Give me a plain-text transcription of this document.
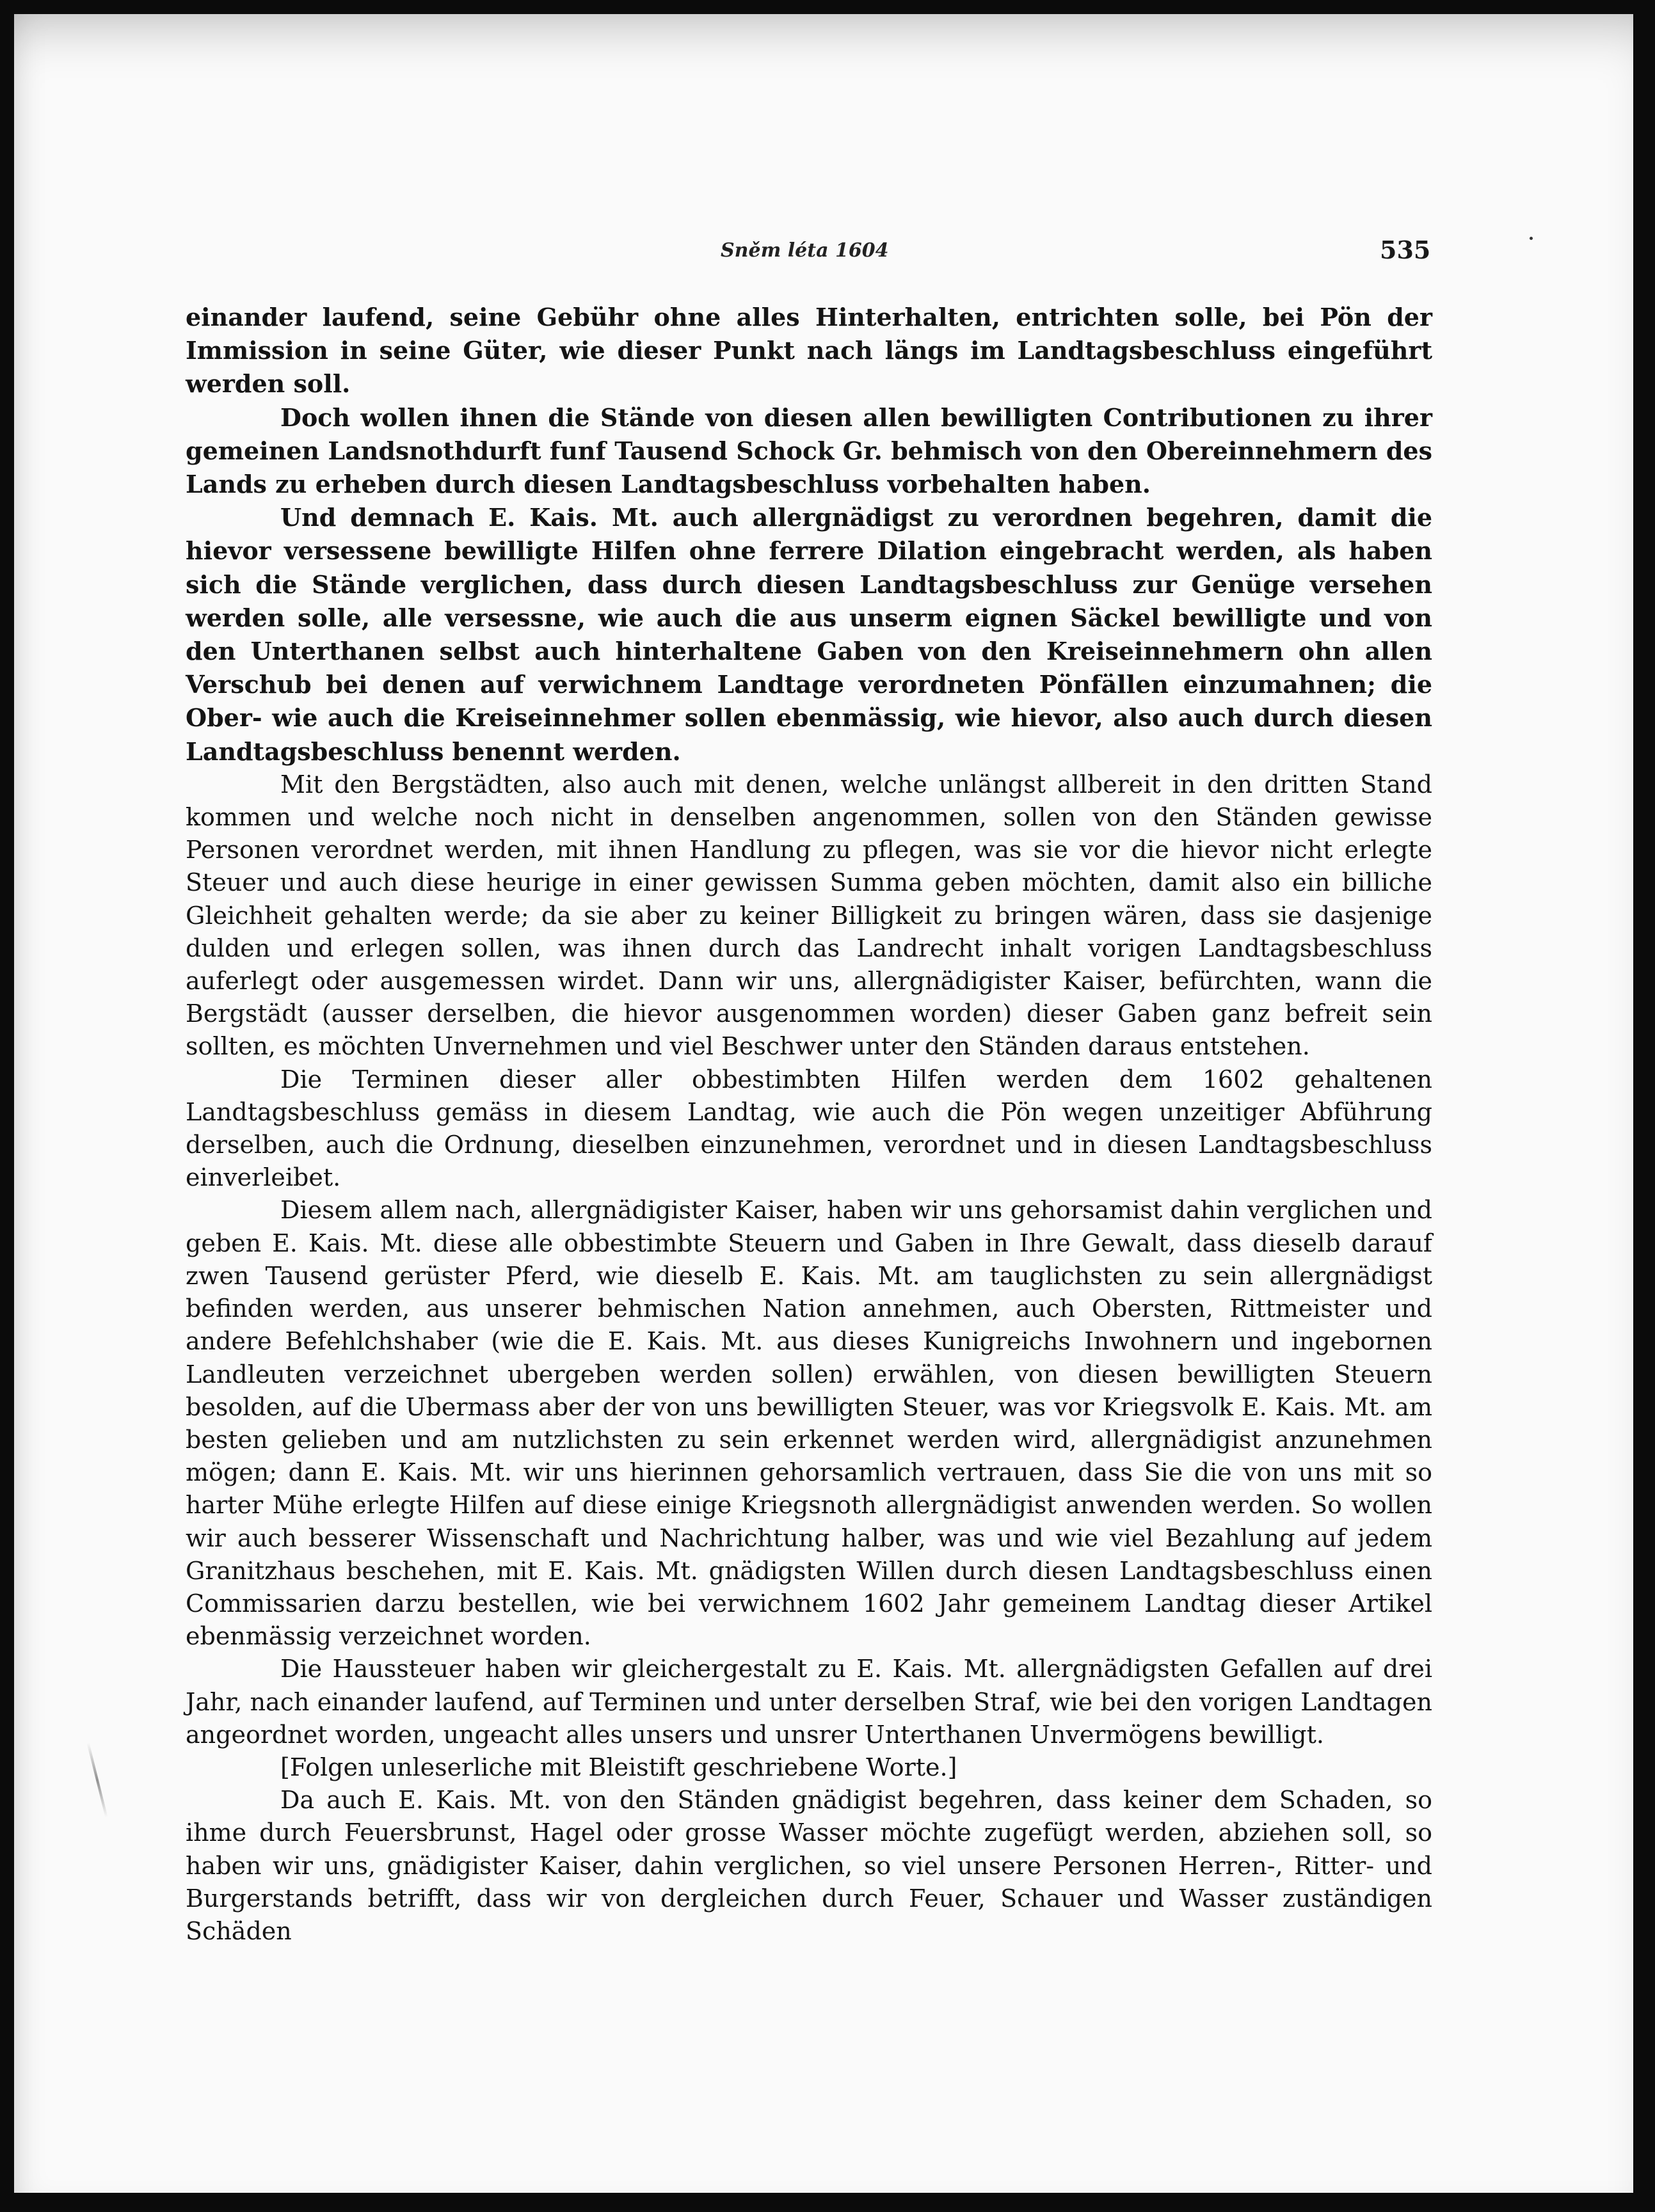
Sněm léta 1604	535

einander laufend, seine Gebühr ohne alles Hinterhalten, entrichten solle, bei Pön der Immission in seine Güter, wie dieser Punkt nach längs im Landtagsbeschluss eingeführt werden soll.

Doch wollen ihnen die Stände von diesen allen bewilligten Contributionen zu ihrer gemeinen Landsnothdurft funf Tausend Schock Gr. behmisch von den Obereinnehmern des Lands zu erheben durch diesen Landtagsbeschluss vorbehalten haben.

Und demnach E. Kais. Mt. auch allergnädigst zu verordnen begehren, damit die hievor versessene bewilligte Hilfen ohne ferrere Dilation eingebracht werden, als haben sich die Stände verglichen, dass durch diesen Landtagsbeschluss zur Genüge versehen werden solle, alle versessne, wie auch die aus unserm eignen Säckel bewilligte und von den Unterthanen selbst auch hinterhaltene Gaben von den Kreiseinnehmern ohn allen Verschub bei denen auf verwichnem Landtage verordneten Pönfällen einzumahnen; die Ober- wie auch die Kreiseinnehmer sollen ebenmässig, wie hievor, also auch durch diesen Landtagsbeschluss benennt werden.

Mit den Bergstädten, also auch mit denen, welche unlängst allbereit in den dritten Stand kommen und welche noch nicht in denselben angenommen, sollen von den Ständen gewisse Personen verordnet werden, mit ihnen Handlung zu pflegen, was sie vor die hievor nicht erlegte Steuer und auch diese heurige in einer gewissen Summa geben möchten, damit also ein billiche Gleichheit gehalten werde; da sie aber zu keiner Billigkeit zu bringen wären, dass sie dasjenige dulden und erlegen sollen, was ihnen durch das Landrecht inhalt vorigen Landtagsbeschluss auferlegt oder ausgemessen wirdet. Dann wir uns, allergnädigister Kaiser, befürchten, wann die Bergstädt (ausser derselben, die hievor ausgenommen worden) dieser Gaben ganz befreit sein sollten, es möchten Unvernehmen und viel Beschwer unter den Ständen daraus entstehen.

Die Terminen dieser aller obbestimbten Hilfen werden dem 1602 gehaltenen Landtagsbeschluss gemäss in diesem Landtag, wie auch die Pön wegen unzeitiger Abführung derselben, auch die Ordnung, dieselben einzunehmen, verordnet und in diesen Landtagsbeschluss einverleibet.

Diesem allem nach, allergnädigister Kaiser, haben wir uns gehorsamist dahin verglichen und geben E. Kais. Mt. diese alle obbestimbte Steuern und Gaben in Ihre Gewalt, dass dieselb darauf zwen Tausend gerüster Pferd, wie dieselb E. Kais. Mt. am tauglichsten zu sein allergnädigst befinden werden, aus unserer behmischen Nation annehmen, auch Obersten, Rittmeister und andere Befehlchshaber (wie die E. Kais. Mt. aus dieses Kunigreichs Inwohnern und ingebornen Landleuten verzeichnet ubergeben werden sollen) erwählen, von diesen bewilligten Steuern besolden, auf die Ubermass aber der von uns bewilligten Steuer, was vor Kriegsvolk E. Kais. Mt. am besten gelieben und am nutzlichsten zu sein erkennet werden wird, allergnädigist anzunehmen mögen; dann E. Kais. Mt. wir uns hierinnen gehorsamlich vertrauen, dass Sie die von uns mit so harter Mühe erlegte Hilfen auf diese einige Kriegsnoth allergnädigist anwenden werden. So wollen wir auch besserer Wissenschaft und Nachrichtung halber, was und wie viel Bezahlung auf jedem Granitzhaus beschehen, mit E. Kais. Mt. gnädigsten Willen durch diesen Landtagsbeschluss einen Commissarien darzu bestellen, wie bei verwichnem 1602 Jahr gemeinem Landtag dieser Artikel ebenmässig verzeichnet worden.

Die Haussteuer haben wir gleichergestalt zu E. Kais. Mt. allergnädigsten Gefallen auf drei Jahr, nach einander laufend, auf Terminen und unter derselben Straf, wie bei den vorigen Landtagen angeordnet worden, ungeacht alles unsers und unsrer Unterthanen Unvermögens bewilligt.

[Folgen unleserliche mit Bleistift geschriebene Worte.]

Da auch E. Kais. Mt. von den Ständen gnädigist begehren, dass keiner dem Schaden, so ihme durch Feuersbrunst, Hagel oder grosse Wasser möchte zugefügt werden, abziehen soll, so haben wir uns, gnädigister Kaiser, dahin verglichen, so viel unsere Personen Herren-, Ritter- und Burgerstands betrifft, dass wir von dergleichen durch Feuer, Schauer und Wasser zuständigen Schäden
